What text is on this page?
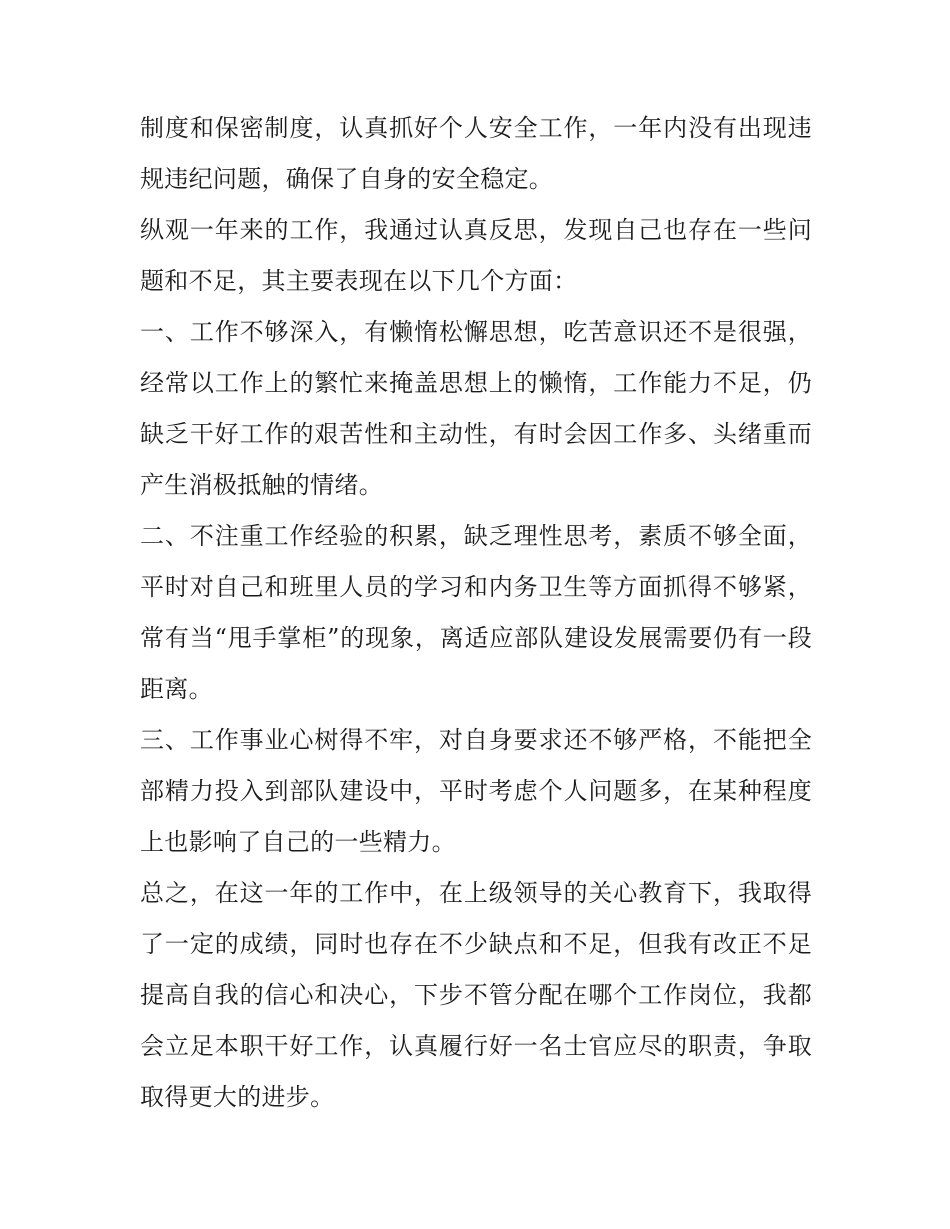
制度和保密制度，认真抓好个人安全工作，一年内没有出现违规违纪问题，确保了自身的安全稳定。

纵观一年来的工作，我通过认真反思，发现自己也存在一些问题和不足，其主要表现在以下几个方面：

一、工作不够深入，有懒惰松懈思想，吃苦意识还不是很强，经常以工作上的繁忙来掩盖思想上的懒惰，工作能力不足，仍缺乏干好工作的艰苦性和主动性，有时会因工作多、头绪重而产生消极抵触的情绪。

二、不注重工作经验的积累，缺乏理性思考，素质不够全面，平时对自己和班里人员的学习和内务卫生等方面抓得不够紧，常有当“甩手掌柜”的现象，离适应部队建设发展需要仍有一段距离。

三、工作事业心树得不牢，对自身要求还不够严格，不能把全部精力投入到部队建设中，平时考虑个人问题多，在某种程度上也影响了自己的一些精力。

总之，在这一年的工作中，在上级领导的关心教育下，我取得了一定的成绩，同时也存在不少缺点和不足，但我有改正不足提高自我的信心和决心，下步不管分配在哪个工作岗位，我都会立足本职干好工作，认真履行好一名士官应尽的职责，争取取得更大的进步。
